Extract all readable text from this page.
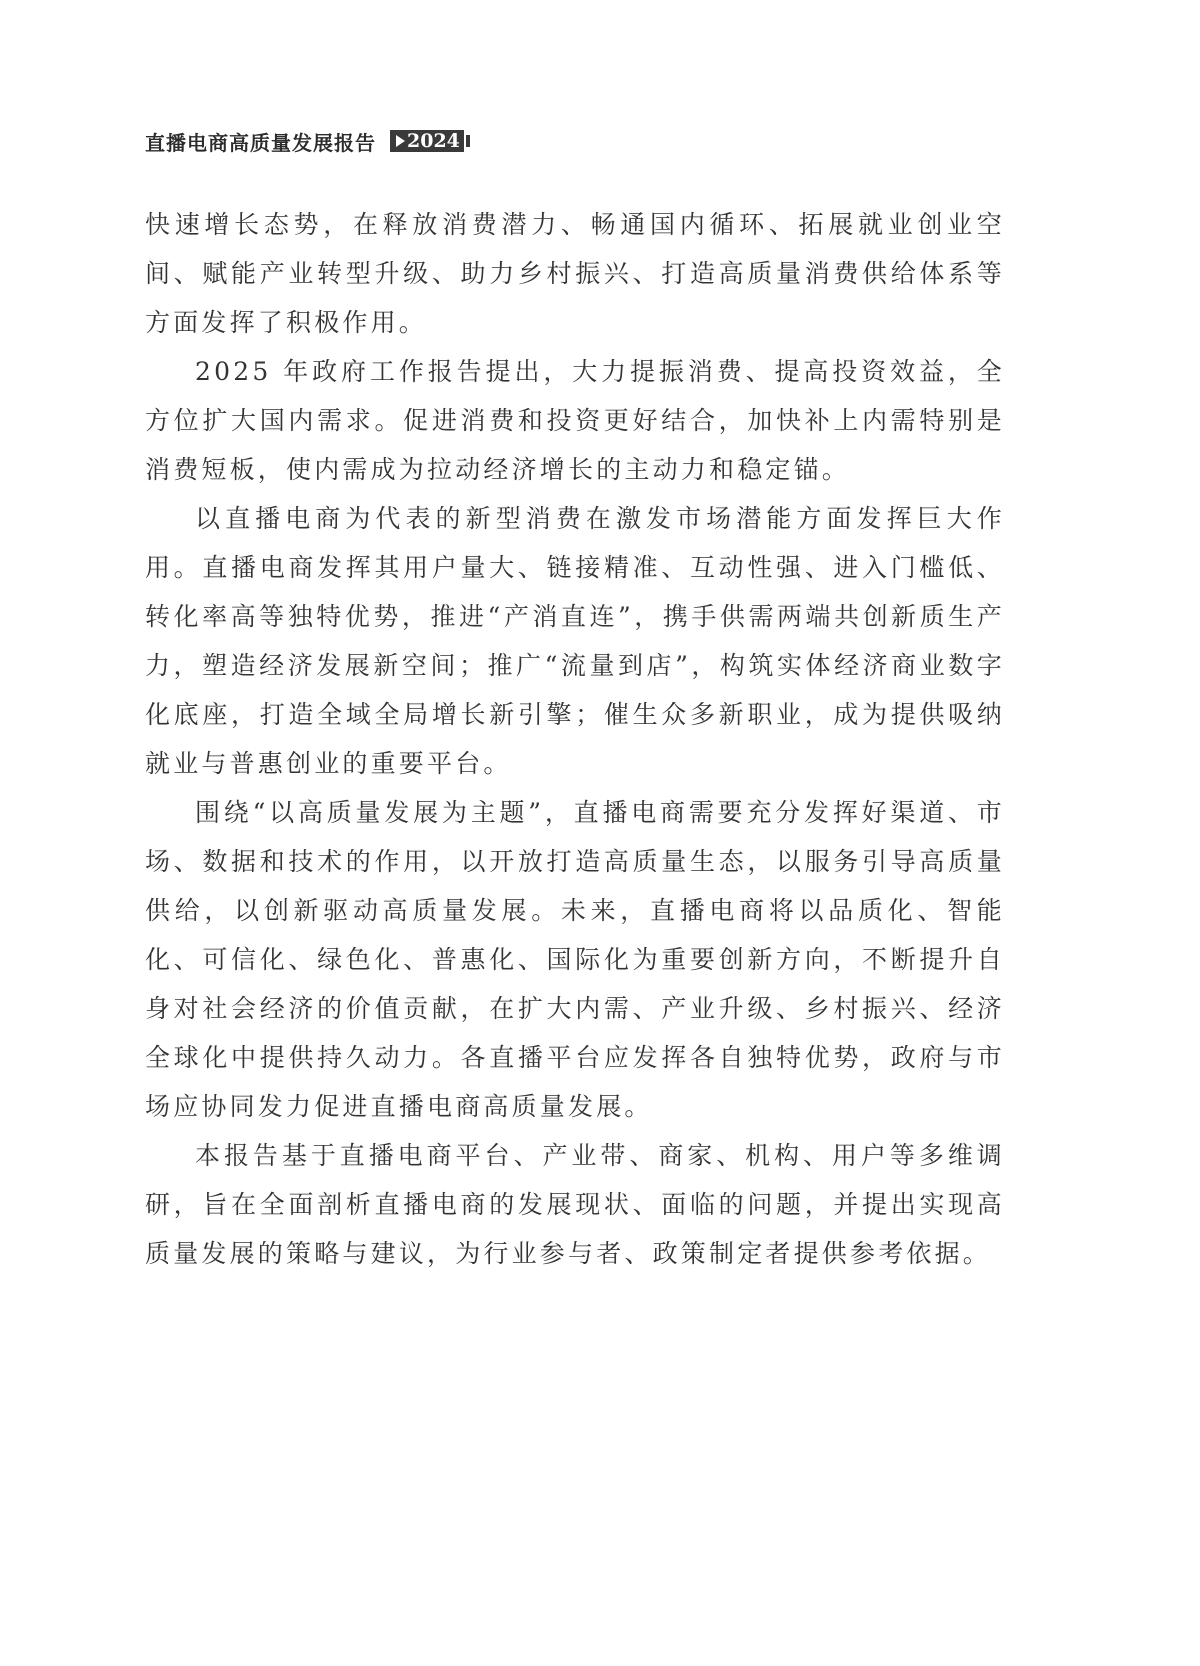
直播电商高质量发展报告 2024

快速增长态势，在释放消费潜力、畅通国内循环、拓展就业创业空间、赋能产业转型升级、助力乡村振兴、打造高质量消费供给体系等方面发挥了积极作用。

2025 年政府工作报告提出，大力提振消费、提高投资效益，全方位扩大国内需求。促进消费和投资更好结合，加快补上内需特别是消费短板，使内需成为拉动经济增长的主动力和稳定锚。

以直播电商为代表的新型消费在激发市场潜能方面发挥巨大作用。直播电商发挥其用户量大、链接精准、互动性强、进入门槛低、转化率高等独特优势，推进“产消直连”，携手供需两端共创新质生产力，塑造经济发展新空间；推广“流量到店”，构筑实体经济商业数字化底座，打造全域全局增长新引擎；催生众多新职业，成为提供吸纳就业与普惠创业的重要平台。

围绕“以高质量发展为主题”，直播电商需要充分发挥好渠道、市场、数据和技术的作用，以开放打造高质量生态，以服务引导高质量供给，以创新驱动高质量发展。未来，直播电商将以品质化、智能化、可信化、绿色化、普惠化、国际化为重要创新方向，不断提升自身对社会经济的价值贡献，在扩大内需、产业升级、乡村振兴、经济全球化中提供持久动力。各直播平台应发挥各自独特优势，政府与市场应协同发力促进直播电商高质量发展。

本报告基于直播电商平台、产业带、商家、机构、用户等多维调研，旨在全面剖析直播电商的发展现状、面临的问题，并提出实现高质量发展的策略与建议，为行业参与者、政策制定者提供参考依据。
